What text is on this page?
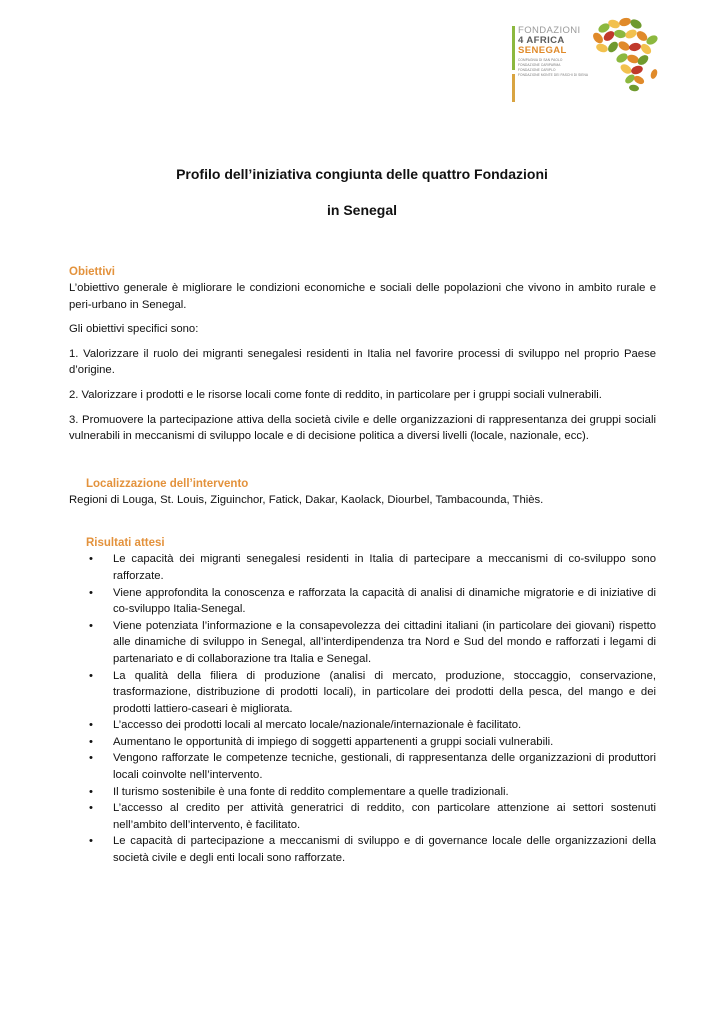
FONDAZIONI
4 AFRICA
SENEGAL
COMPAGNIA DI SAN PAOLO
FONDAZIONE CARIPARMA
FONDAZIONE CARIPLO
FONDAZIONE MONTE DEI PASCHI DI SIENA
Profilo dell’iniziativa congiunta delle quattro Fondazioni
in Senegal
Obiettivi

L’obiettivo generale è migliorare le condizioni economiche e sociali delle popolazioni che vivono in ambito rurale e peri-urbano in Senegal.

Gli obiettivi specifici sono:

1. Valorizzare il ruolo dei migranti senegalesi residenti in Italia nel favorire processi di sviluppo nel proprio Paese d’origine.

2. Valorizzare i prodotti e le risorse locali come fonte di reddito, in particolare per i gruppi sociali vulnerabili.

3. Promuovere la partecipazione attiva della società civile e delle organizzazioni di rappresentanza dei gruppi sociali vulnerabili in meccanismi di sviluppo locale e di decisione politica a diversi livelli (locale, nazionale, ecc).

Localizzazione dell’intervento

Regioni di Louga, St. Louis, Ziguinchor, Fatick, Dakar, Kaolack, Diourbel, Tambacounda, Thiès.

Risultati attesi
• Le capacità dei migranti senegalesi residenti in Italia di partecipare a meccanismi di co-sviluppo sono rafforzate.
• Viene approfondita la conoscenza e rafforzata la capacità di analisi di dinamiche migratorie e di iniziative di co-sviluppo Italia-Senegal.
• Viene potenziata l’informazione e la consapevolezza dei cittadini italiani (in particolare dei giovani) rispetto alle dinamiche di sviluppo in Senegal, all’interdipendenza tra Nord e Sud del mondo e rafforzati i legami di partenariato e di collaborazione tra Italia e Senegal.
• La qualità della filiera di produzione (analisi di mercato, produzione, stoccaggio, conservazione, trasformazione, distribuzione di prodotti locali), in particolare dei prodotti della pesca, del mango e dei prodotti lattiero-caseari è migliorata.
• L’accesso dei prodotti locali al mercato locale/nazionale/internazionale è facilitato.
• Aumentano le opportunità di impiego di soggetti appartenenti a gruppi sociali vulnerabili.
• Vengono rafforzate le competenze tecniche, gestionali, di rappresentanza delle organizzazioni di produttori locali coinvolte nell’intervento.
• Il turismo sostenibile è una fonte di reddito complementare a quelle tradizionali.
• L’accesso al credito per attività generatrici di reddito, con particolare attenzione ai settori sostenuti nell’ambito dell’intervento, è facilitato.
• Le capacità di partecipazione a meccanismi di sviluppo e di governance locale delle organizzazioni della società civile e degli enti locali sono rafforzate.
